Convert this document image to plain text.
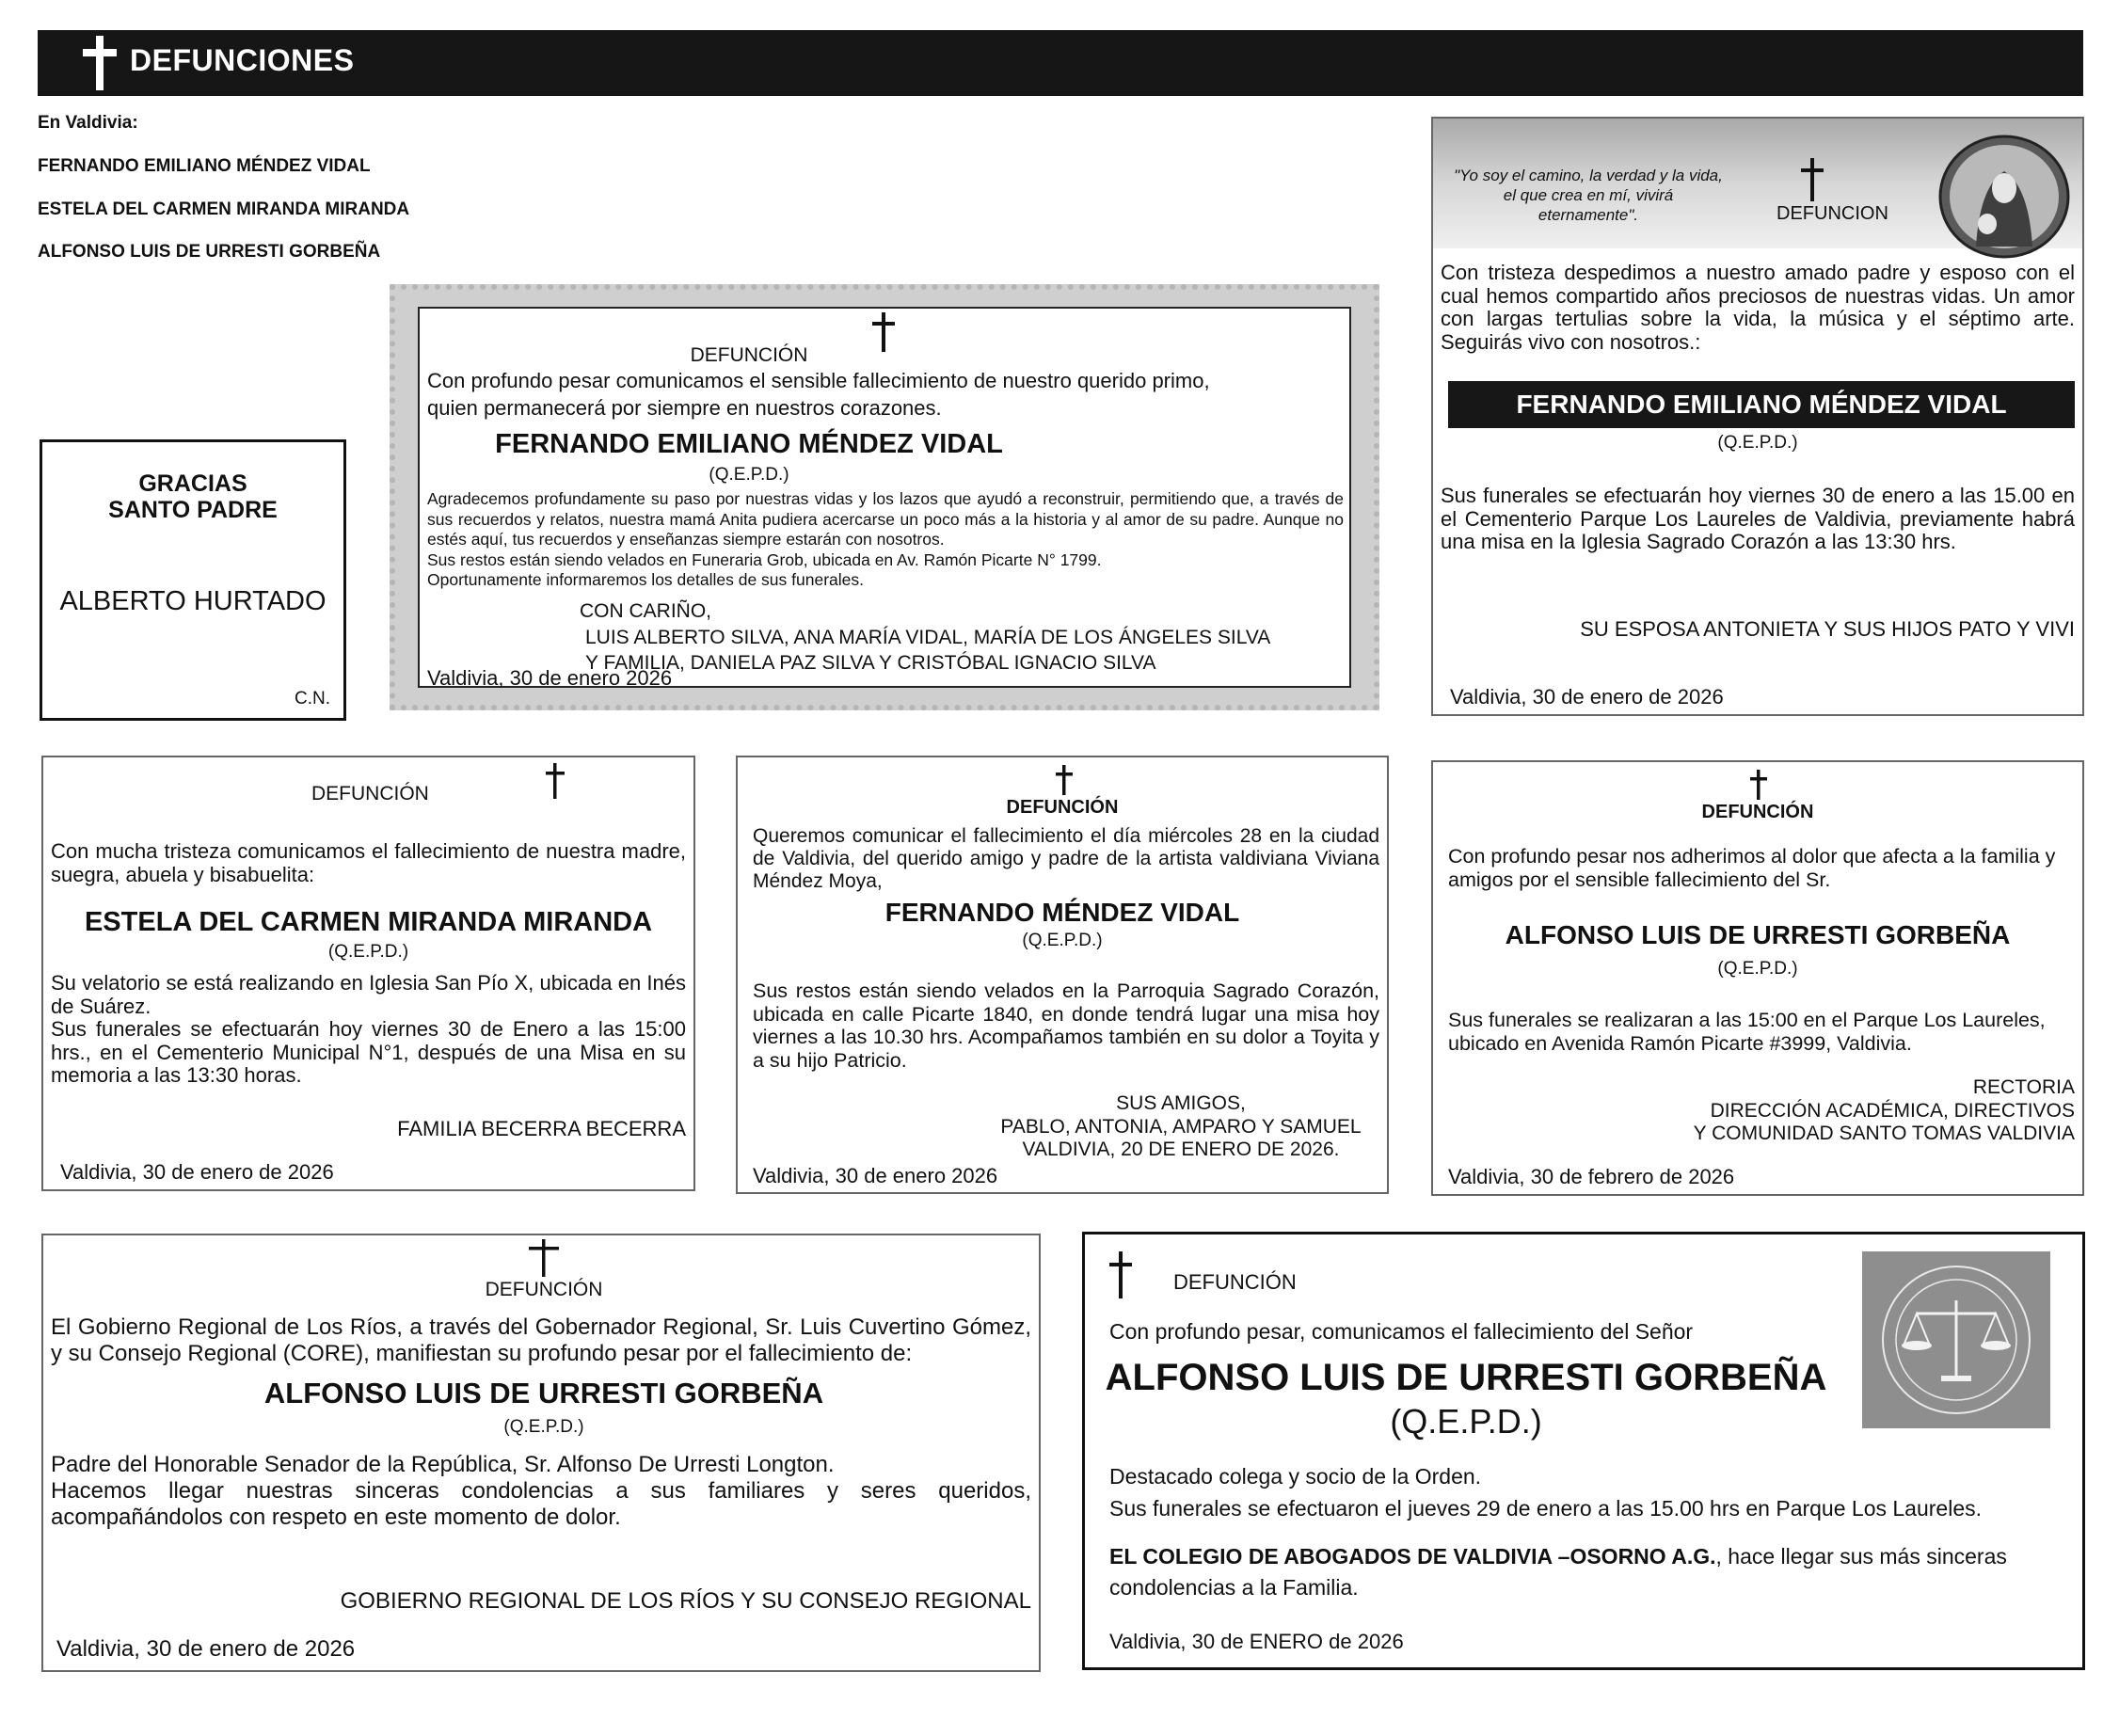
DEFUNCIONES
En Valdivia:
FERNANDO EMILIANO MÉNDEZ VIDAL
ESTELA DEL CARMEN MIRANDA MIRANDA
ALFONSO LUIS DE URRESTI GORBEÑA
GRACIAS
SANTO PADRE
ALBERTO HURTADO
C.N.
DEFUNCIÓN
Con profundo pesar comunicamos el sensible fallecimiento de nuestro querido primo,
quien permanecerá por siempre en nuestros corazones.
FERNANDO EMILIANO MÉNDEZ VIDAL
(Q.E.P.D.)
Agradecemos profundamente su paso por nuestras vidas y los lazos que ayudó a reconstruir, permitiendo que, a través de sus recuerdos y relatos, nuestra mamá Anita pudiera acercarse un poco más a la historia y al amor de su padre. Aunque no estés aquí, tus recuerdos y enseñanzas siempre estarán con nosotros.
Sus restos están siendo velados en Funeraria Grob, ubicada en Av. Ramón Picarte N° 1799.
Oportunamente informaremos los detalles de sus funerales.
CON CARIÑO,
LUIS ALBERTO SILVA, ANA MARÍA VIDAL, MARÍA DE LOS ÁNGELES SILVA
Y FAMILIA, DANIELA PAZ SILVA Y CRISTÓBAL IGNACIO SILVA
Valdivia, 30 de enero 2026
"Yo soy el camino, la verdad y la vida, el que crea en mí, vivirá eternamente".	DEFUNCION
Con tristeza despedimos a nuestro amado padre y esposo con el cual hemos compartido años preciosos de nuestras vidas. Un amor con largas tertulias sobre la vida, la música y el séptimo arte. Seguirás vivo con nosotros.:
FERNANDO EMILIANO MÉNDEZ VIDAL
(Q.E.P.D.)
Sus funerales se efectuarán hoy viernes 30 de enero a las 15.00 en el Cementerio Parque Los Laureles de Valdivia, previamente habrá una misa en la Iglesia Sagrado Corazón a las 13:30 hrs.
SU ESPOSA ANTONIETA Y SUS HIJOS PATO Y VIVI
Valdivia, 30 de enero de 2026
DEFUNCIÓN
Con mucha tristeza comunicamos el fallecimiento de nuestra madre, suegra, abuela y bisabuelita:
ESTELA DEL CARMEN MIRANDA MIRANDA
(Q.E.P.D.)
Su velatorio se está realizando en Iglesia San Pío X, ubicada en Inés de Suárez.
Sus funerales se efectuarán hoy viernes 30 de Enero a las 15:00 hrs., en el Cementerio Municipal N°1, después de una Misa en su memoria a las 13:30 horas.
FAMILIA BECERRA BECERRA
Valdivia, 30 de enero de 2026
DEFUNCIÓN
Queremos comunicar el fallecimiento el día miércoles 28 en la ciudad de Valdivia, del querido amigo y padre de la artista valdiviana Viviana Méndez Moya,
FERNANDO MÉNDEZ VIDAL
(Q.E.P.D.)
Sus restos están siendo velados en la Parroquia Sagrado Corazón, ubicada en calle Picarte 1840, en donde tendrá lugar una misa hoy viernes a las 10.30 hrs. Acompañamos también en su dolor a Toyita y a su hijo Patricio.
SUS AMIGOS,
PABLO, ANTONIA, AMPARO Y SAMUEL
VALDIVIA, 20 DE ENERO DE 2026.
Valdivia, 30 de enero 2026
DEFUNCIÓN
Con profundo pesar nos adherimos al dolor que afecta a la familia y amigos por el sensible fallecimiento del Sr.
ALFONSO LUIS DE URRESTI GORBEÑA
(Q.E.P.D.)
Sus funerales se realizaran a las 15:00 en el Parque Los Laureles, ubicado en Avenida Ramón Picarte #3999, Valdivia.
RECTORIA
DIRECCIÓN ACADÉMICA, DIRECTIVOS
Y COMUNIDAD SANTO TOMAS VALDIVIA
Valdivia, 30 de febrero de 2026
DEFUNCIÓN
El Gobierno Regional de Los Ríos, a través del Gobernador Regional, Sr. Luis Cuvertino Gómez, y su Consejo Regional (CORE), manifiestan su profundo pesar por el fallecimiento de:
ALFONSO LUIS DE URRESTI GORBEÑA
(Q.E.P.D.)
Padre del Honorable Senador de la República, Sr. Alfonso De Urresti Longton.
Hacemos llegar nuestras sinceras condolencias a sus familiares y seres queridos, acompañándolos con respeto en este momento de dolor.
GOBIERNO REGIONAL DE LOS RÍOS Y SU CONSEJO REGIONAL
Valdivia, 30 de enero de 2026
DEFUNCIÓN
Con profundo pesar, comunicamos el fallecimiento del Señor
ALFONSO LUIS DE URRESTI GORBEÑA
(Q.E.P.D.)
Destacado colega y socio de la Orden.
Sus funerales se efectuaron el jueves 29 de enero a las 15.00 hrs en Parque Los Laureles.
EL COLEGIO DE ABOGADOS DE VALDIVIA –OSORNO A.G., hace llegar sus más sinceras condolencias a la Familia.
Valdivia, 30 de ENERO de 2026
